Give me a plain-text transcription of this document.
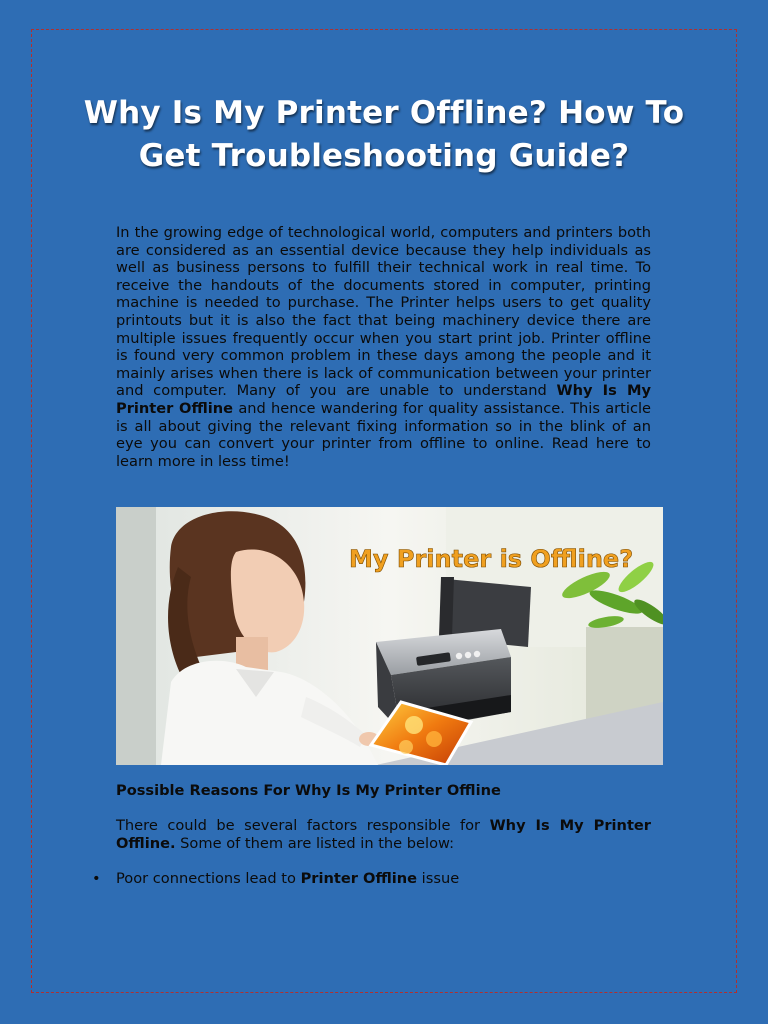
Why Is My Printer Offline? How To
Get Troubleshooting Guide?

In the growing edge of technological world, computers and printers both are considered as an essential device because they help individuals as well as business persons to fulfill their technical work in real time. To receive the handouts of the documents stored in computer, printing machine is needed to purchase. The Printer helps users to get quality printouts but it is also the fact that being machinery device there are multiple issues frequently occur when you start print job. Printer offline is found very common problem in these days among the people and it mainly arises when there is lack of communication between your printer and computer. Many of you are unable to understand Why Is My Printer Offline and hence wandering for quality assistance. This article is all about giving the relevant fixing information so in the blink of an eye you can convert your printer from offline to online. Read here to learn more in less time!

My Printer is Offline?

Possible Reasons For Why Is My Printer Offline

There could be several factors responsible for Why Is My Printer Offline. Some of them are listed in the below:

• Poor connections lead to Printer Offline issue
